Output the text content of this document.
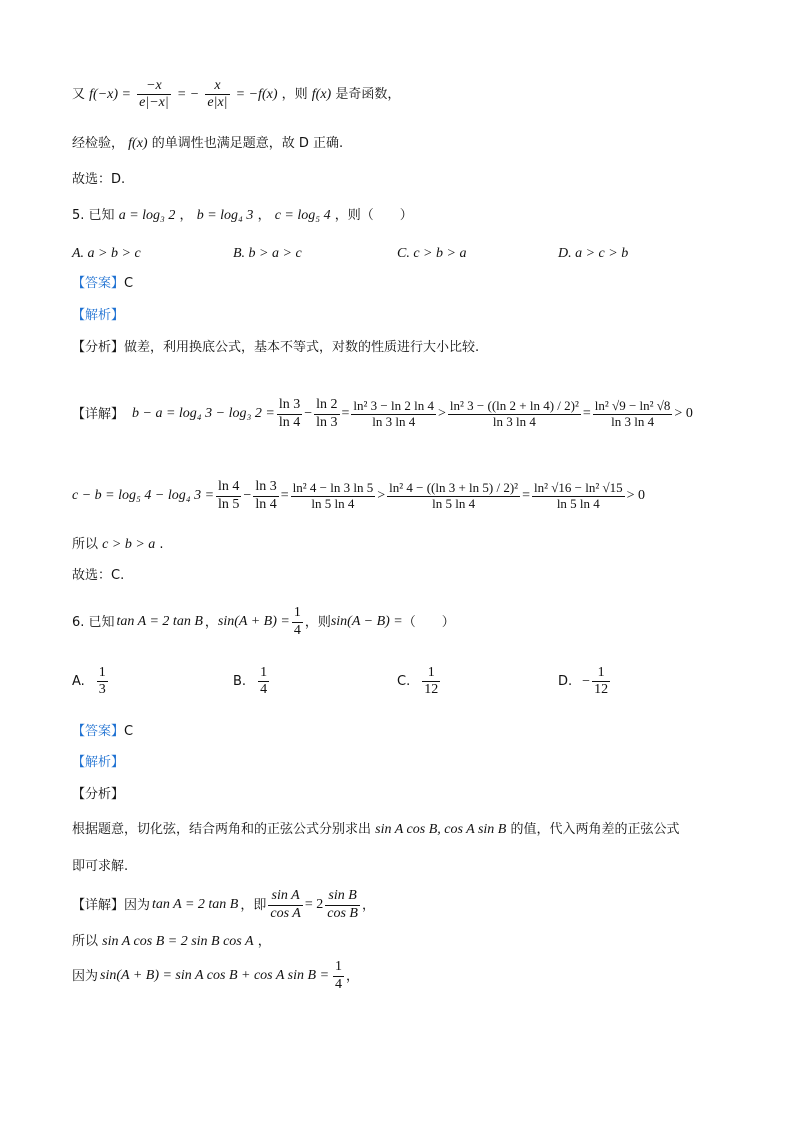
又 $f(-x) = \frac{-x}{e|-x|}$ = − $\frac{x}{e|x|} = -f(x)$ ，则 f(x) 是奇函数，
经检验， f(x) 的单调性也满足题意，故 D 正确.
故选：D.
5. 已知 a = log₃ 2 ， b = log₄ 3 ， c = log₅ 4 ，则（　　）
A. a > b > c	B. b > a > c	C. c > b > a	D. a > c > b
【答案】C
【解析】
【分析】做差，利用换底公式，基本不等式，对数的性质进行大小比较.
【详解】 b − a = log₄ 3 − log₃ $2 = \frac{\ln 3}{\ln 4} - \frac{\ln 2}{\ln 3} = \frac{\text{ln² 3 − ln 2 ln 4}}{\ln 3 \ln 4} > \frac{\text{ln² 3 − ((ln 2 + ln 4) / 2)²}}{\ln 3 \ln 4} = \frac{\text{ln² √9 − ln² √8}}{\ln 3 \ln 4} > 0$
c − b = log₅ 4 − log₄ $3 = \frac{\ln 4}{\ln 5} - \frac{\ln 3}{\ln 4} = \frac{\text{ln² 4 − ln 3 ln 5}}{\ln 5 \ln 4} > \frac{\text{ln² 4 − ((ln 3 + ln 5) / 2)²}}{\ln 5 \ln 4} = \frac{\text{ln² √16 − ln² √15}}{\ln 5 \ln 4} > 0$
所以 c > b > a .
故选：C.
6. 已知 tan A = 2 tan B ， $\sin(A + B) = \frac{1}{4}$ ，则 sin(A − B) = （　　）
A. $\frac{1}{3}$	B. $\frac{1}{4}$	C. $\frac{1}{12}$	D. − $\frac{1}{12}$
【答案】C
【解析】
【分析】
根据题意，切化弦，结合两角和的正弦公式分别求出 sin A cos B, cos A sin B 的值，代入两角差的正弦公式
即可求解.
【详解】 因为 tan A = 2 tan B ，即 $\frac{\text{sin A}}{\text{cos A}} = 2 \frac{\text{sin B}}{\text{cos B}}$ ，
所以 sin A cos B = 2 sin B cos A ，
因为 sin(A + B) = sin A cos B + cos A $\sin B = \frac{1}{4}$ ，
